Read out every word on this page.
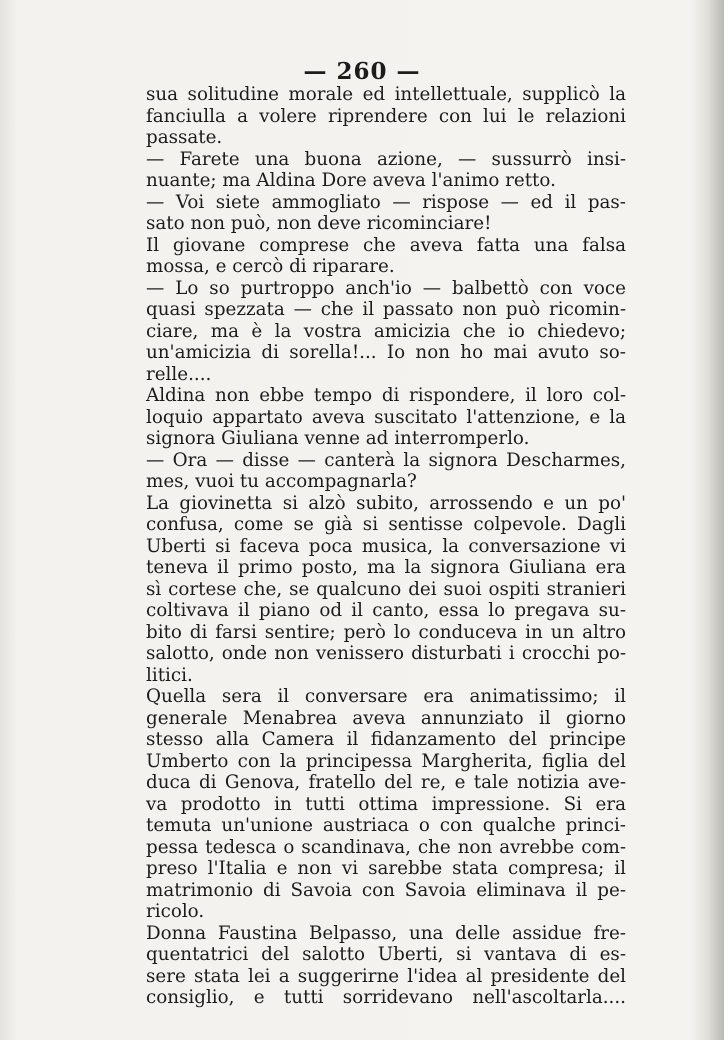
— 260 —
sua solitudine morale ed intellettuale, supplicò la
fanciulla a volere riprendere con lui le relazioni
passate.
— Farete una buona azione, — sussurrò insi-
nuante; ma Aldina Dore aveva l'animo retto.
— Voi siete ammogliato — rispose — ed il pas-
sato non può, non deve ricominciare!
Il giovane comprese che aveva fatta una falsa
mossa, e cercò di riparare.
— Lo so purtroppo anch'io — balbettò con voce
quasi spezzata — che il passato non può ricomin-
ciare, ma è la vostra amicizia che io chiedevo;
un'amicizia di sorella!... Io non ho mai avuto so-
relle....
Aldina non ebbe tempo di rispondere, il loro col-
loquio appartato aveva suscitato l'attenzione, e la
signora Giuliana venne ad interromperlo.
— Ora — disse — canterà la signora Descharmes,
mes, vuoi tu accompagnarla?
La giovinetta si alzò subito, arrossendo e un po'
confusa, come se già si sentisse colpevole. Dagli
Uberti si faceva poca musica, la conversazione vi
teneva il primo posto, ma la signora Giuliana era
sì cortese che, se qualcuno dei suoi ospiti stranieri
coltivava il piano od il canto, essa lo pregava su-
bito di farsi sentire; però lo conduceva in un altro
salotto, onde non venissero disturbati i crocchi po-
litici.
Quella sera il conversare era animatissimo; il
generale Menabrea aveva annunziato il giorno
stesso alla Camera il fidanzamento del principe
Umberto con la principessa Margherita, figlia del
duca di Genova, fratello del re, e tale notizia ave-
va prodotto in tutti ottima impressione. Si era
temuta un'unione austriaca o con qualche princi-
pessa tedesca o scandinava, che non avrebbe com-
preso l'Italia e non vi sarebbe stata compresa; il
matrimonio di Savoia con Savoia eliminava il pe-
ricolo.
Donna Faustina Belpasso, una delle assidue fre-
quentatrici del salotto Uberti, si vantava di es-
sere stata lei a suggerirne l'idea al presidente del
consiglio, e tutti sorridevano nell'ascoltarla....
